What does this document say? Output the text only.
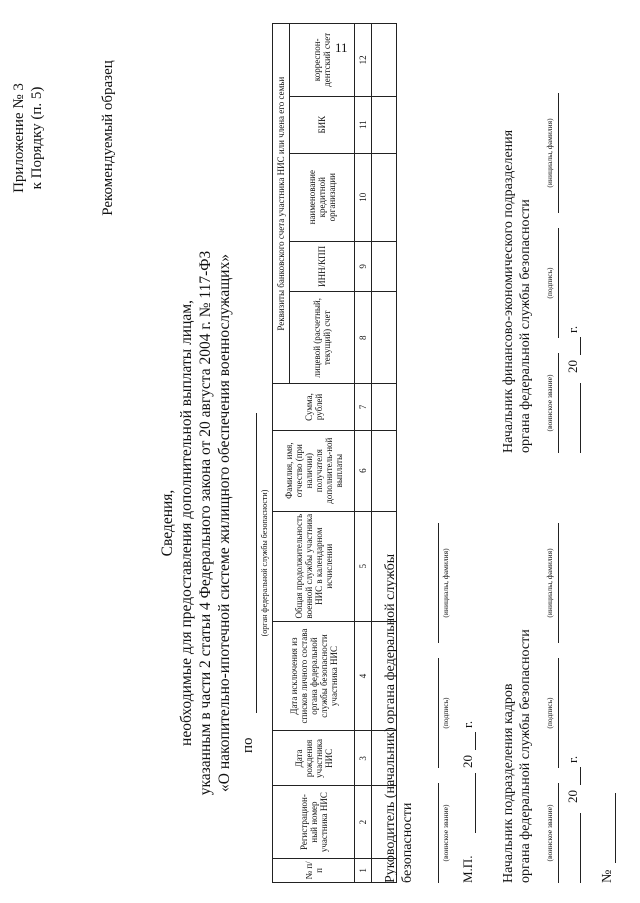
11
Приложение № 3 к Порядку (п. 5)	Рекомендуемый образец
Сведения, необходимые для предоставления дополнительной выплаты лицам, указанным в части 2 статьи 4 Федерального закона от 20 августа 2004 г. № 117-ФЗ «О накопительно-ипотечной системе жилищного обеспечения военнослужащих» по
(орган федеральной службы безопасности)
№ п/п	Регистрацион-ный номер участника НИС	Дата рождения участника НИС	Дата исключения из списков личного состава органа федеральной службы безопасности участника НИС	Общая продолжительность военной службы участника НИС в календарном исчислении	Фамилия, имя, отчество (при наличии) получателя дополнитель-ной выплаты	Сумма, рублей	Реквизиты банковского счета участника НИС или члена его семьи				
							лицевой (расчетный, текущий) счет	ИНН/КПП	наименование кредитной организации	БИК	корреспон-дентский счет
1	2	3	4	5	6	7	8	9	10	11	12

Руководитель (начальник) органа федеральной службы безопасности	(воинское звание)
(подпись)
(инициалы, фамилия)
М.П.
20
г. Начальник подразделения кадров органа федеральной службы безопасности (воинское звание)
(подпись)
(инициалы, фамилия)
20
г.
Начальник финансово-экономического подразделения органа федеральной службы безопасности (воинское звание)
(подпись)
(инициалы, фамилия)
20
г.
№
